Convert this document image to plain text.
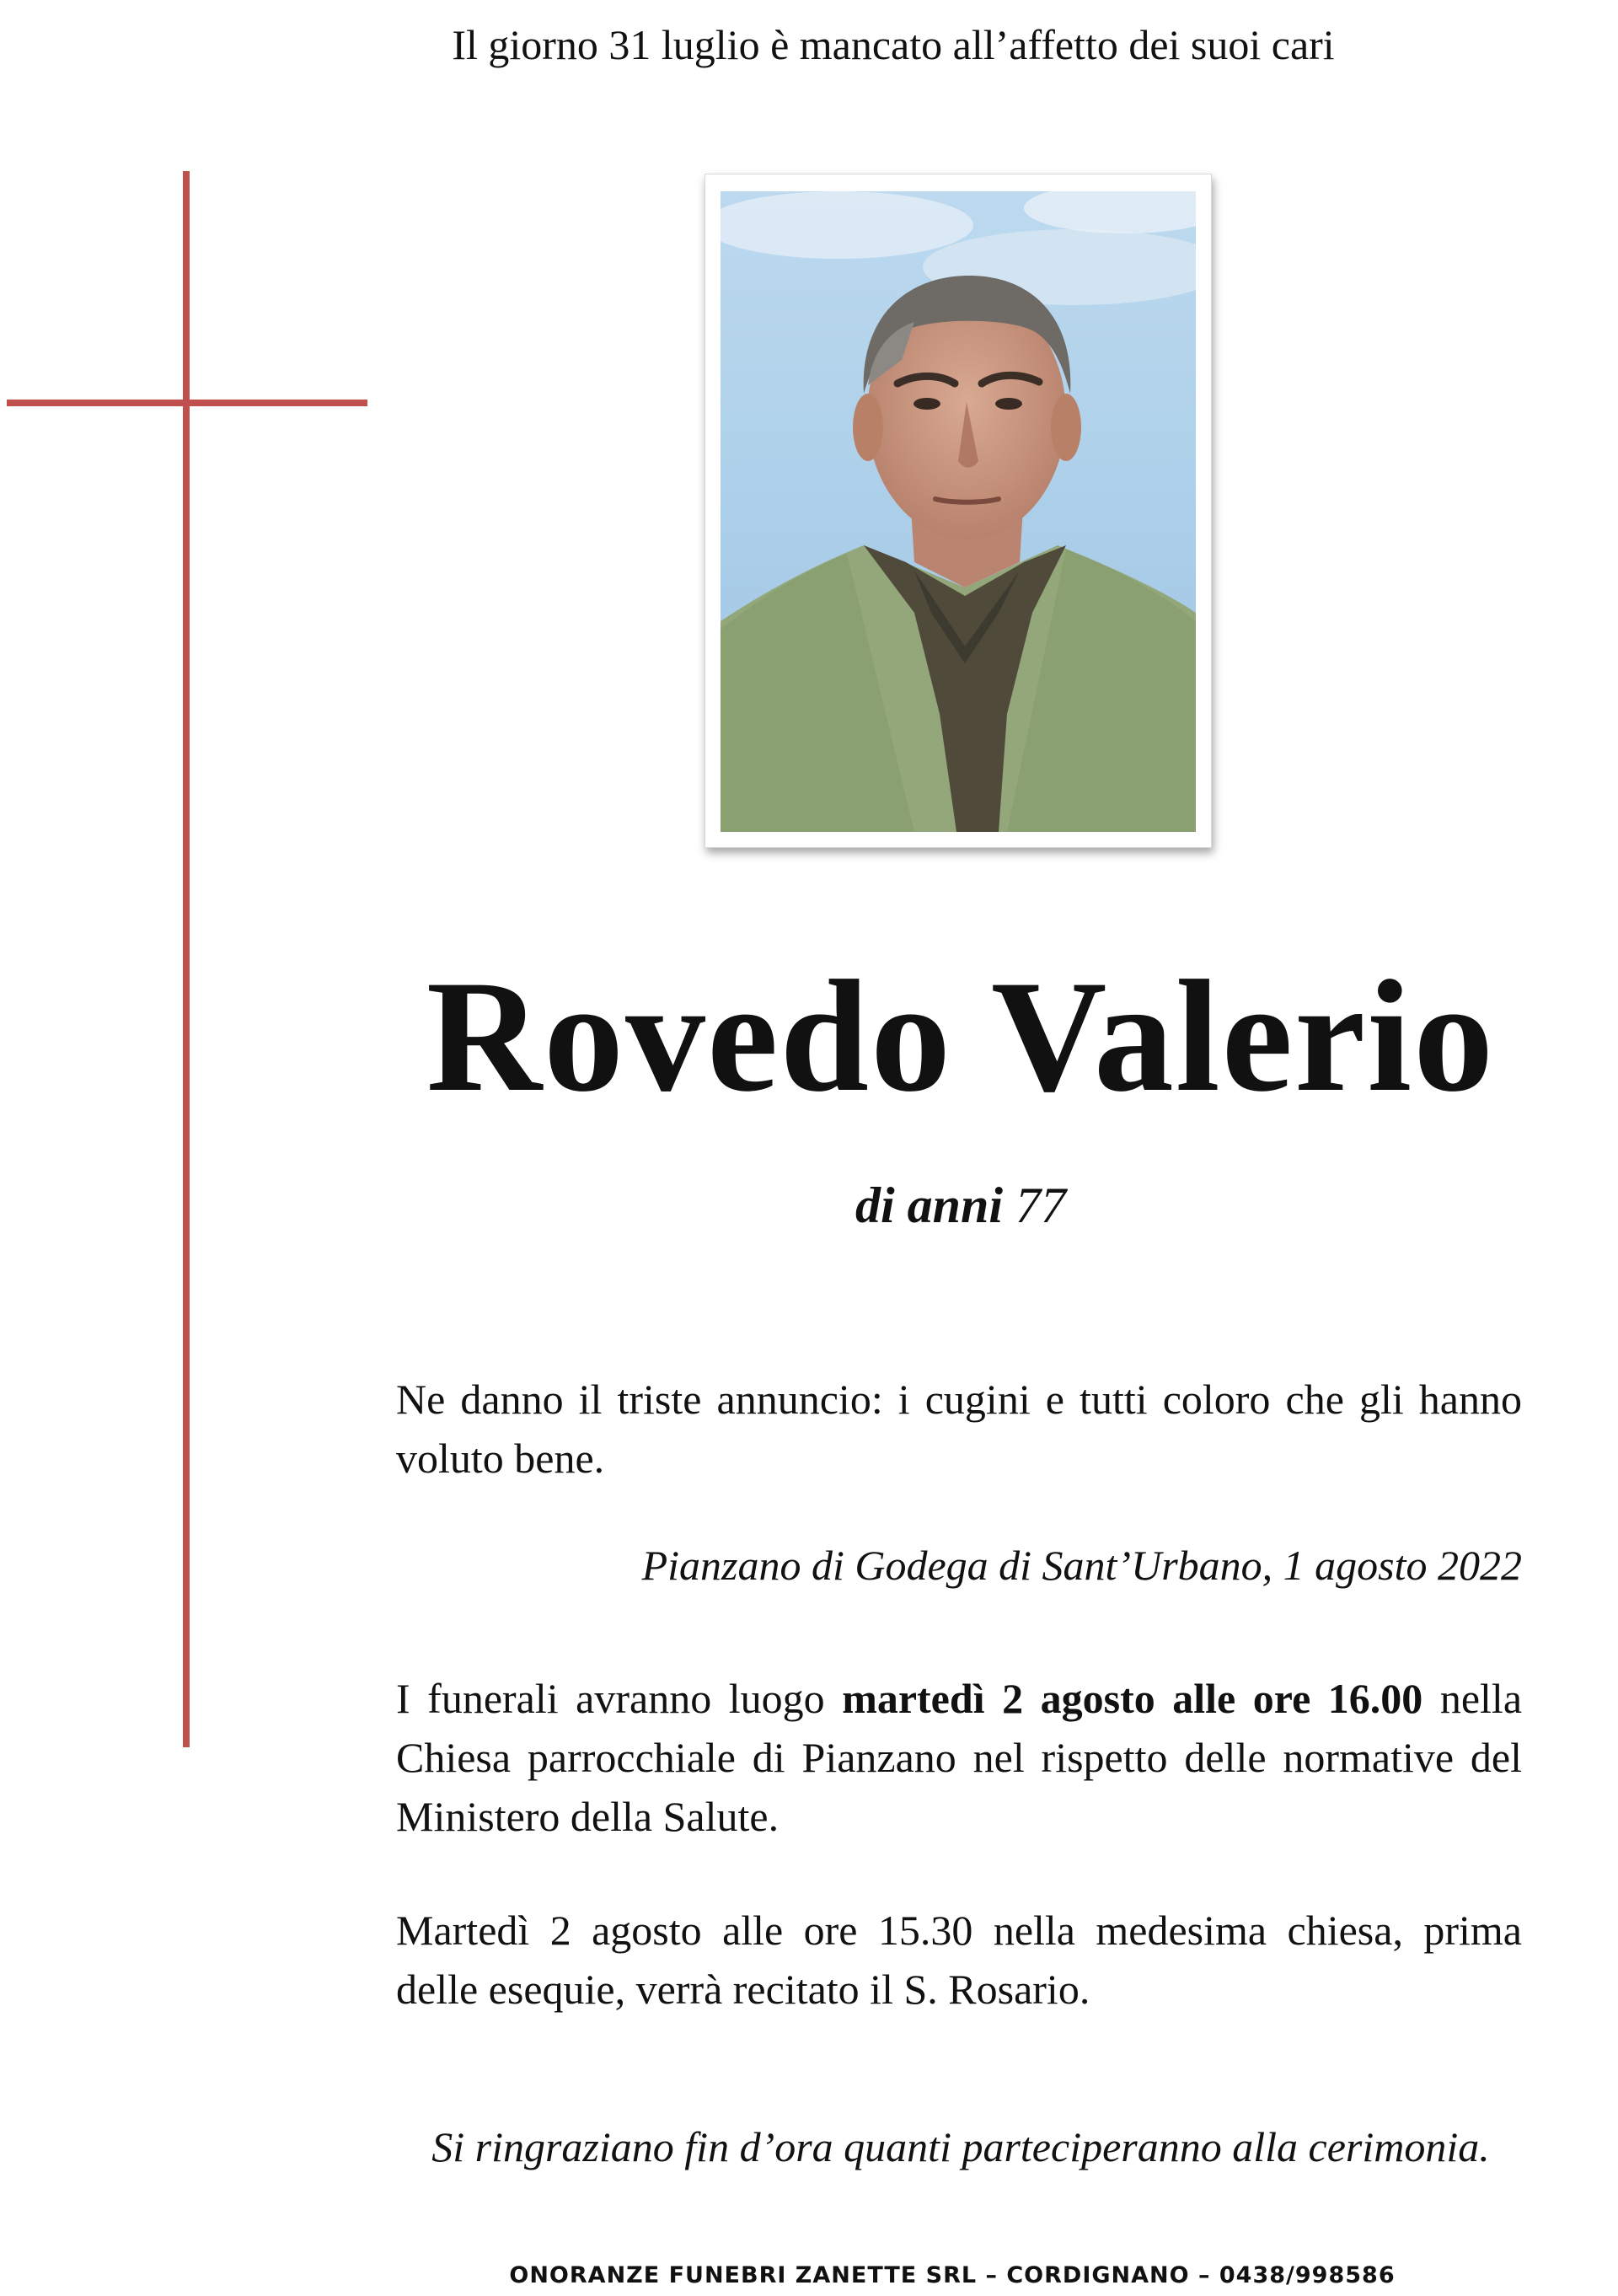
Il giorno 31 luglio è mancato all’affetto dei suoi cari
Rovedo Valerio
di anni 77
Ne danno il triste annuncio: i cugini e tutti coloro che gli hanno voluto bene.
Pianzano di Godega di Sant’Urbano, 1 agosto 2022
I funerali avranno luogo martedì 2 agosto alle ore 16.00 nella Chiesa parrocchiale di Pianzano nel rispetto delle normative del Ministero della Salute.
Martedì 2 agosto alle ore 15.30 nella medesima chiesa, prima delle esequie, verrà recitato il S. Rosario.
Si ringraziano fin d’ora quanti parteciperanno alla cerimonia.
ONORANZE FUNEBRI ZANETTE SRL – CORDIGNANO – 0438/998586
